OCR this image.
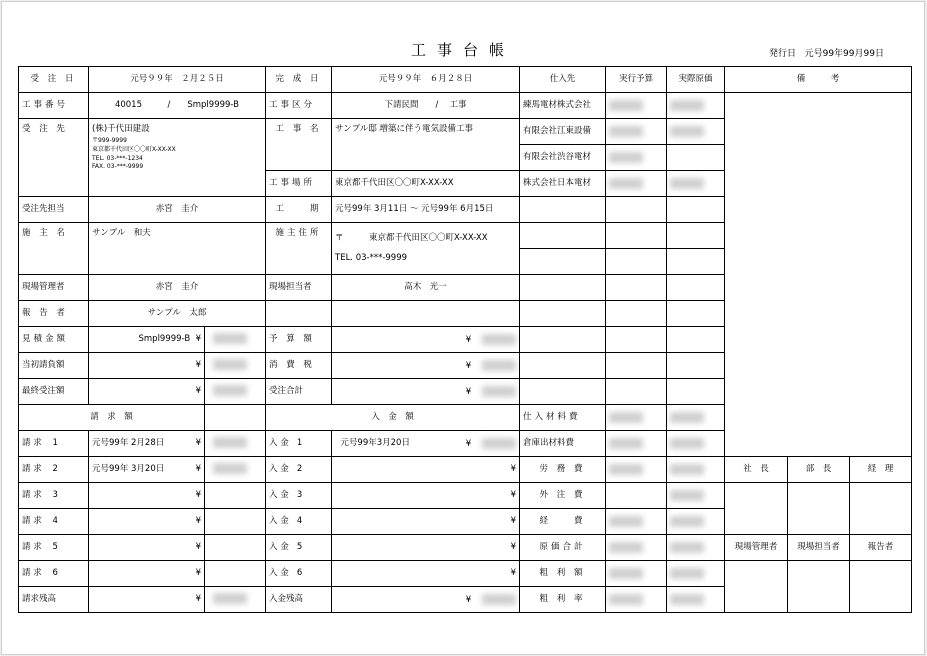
工事台帳	発行日 元号99年99月99日
受 注 日	元号９９年　２月２５日		完 成 日	元号９９年　６月２８日	仕入先	実行予算	実際原価	備　　　考		
工事番号	40015　　　/　　Smpl9999-B		工事区分	下請民間　　/　 工事	練馬電材株式会社					
受 注 先	(株)千代田建設
〒999-9999
東京都千代田区〇〇町X-XX-XX
TEL. 03-***-1234
FAX. 03-***-9999		工 事 名	サンプル邸 増築に伴う電気設備工事	有限会社江東設備					
					有限会社渋谷電材					
			工事場所	東京都千代田区〇〇町X-XX-XX	株式会社日本電材					
受注先担当	赤宮　圭介		工　　期	元号99年 3月11日 ～ 元号99年 6月15日						
施 主 名	サンプル　和夫		施主住所	〒　　　東京都千代田区〇〇町X-XX-XX
TEL. 03-***-9999						

現場管理者	赤宮　圭介		現場担当者	高木　光一						
報 告 者	サンプル　太郎									
見積金額	Smpl9999-B ¥		予 算 額	¥						

当初請負額	¥		消 費 税	¥						

最終受注額	¥		受注合計	¥						

請　求　額			入　金　額		仕入材料費					
請 求 1	元号99年 2月28日 ¥		入 金 1	元号99年3月20日 ¥	倉庫出材料費					
請 求 2	元号99年 3月20日 ¥		入 金 2	¥	労 務 費			社　長	部　長	経　理
請 求 3	¥		入 金 3	¥	外 注 費					
請 求 4	¥		入 金 4	¥	経　　費					
請 求 5	¥		入 金 5	¥	原価合計			現場管理者	現場担当者	報告者
請 求 6	¥		入 金 6	¥	粗 利 額					
請求残高	¥		入金残高	¥	粗 利 率					
